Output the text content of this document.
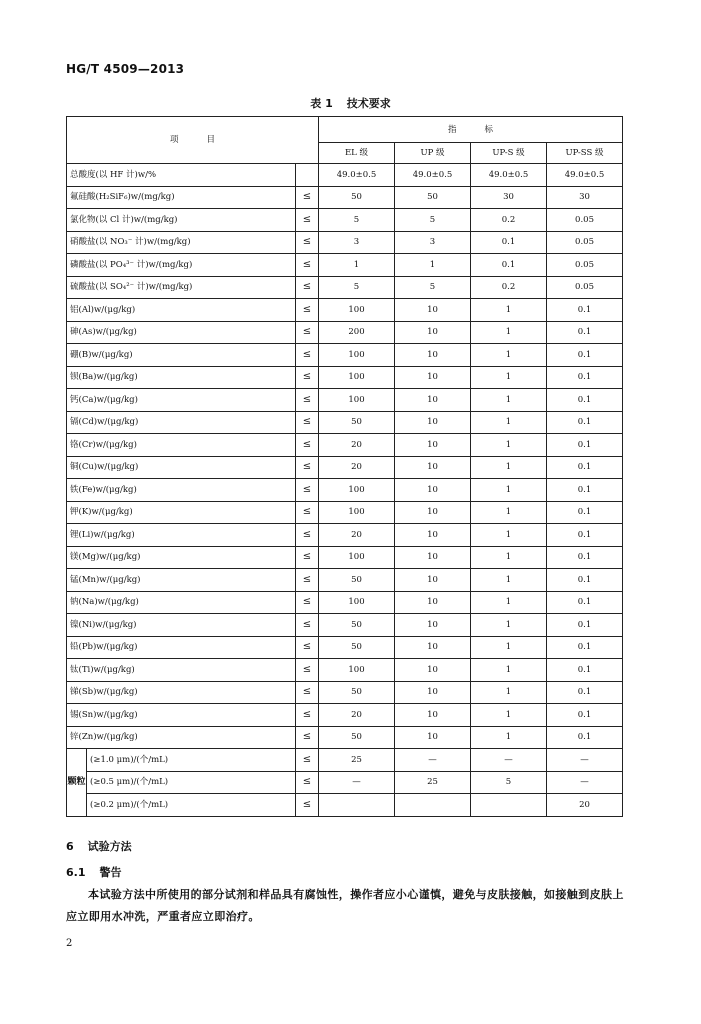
HG/T 4509—2013
表 1 技术要求
项 目			指 标			
			EL 级	UP 级	UP-S 级	UP-SS 级
总酸度(以 HF 计)w/%			49.0±0.5	49.0±0.5	49.0±0.5	49.0±0.5
氟硅酸(H₂SiF₆)w/(mg/kg)		≤	50	50	30	30
氯化物(以 Cl 计)w/(mg/kg)		≤	5	5	0.2	0.05
硝酸盐(以 NO₃⁻ 计)w/(mg/kg)		≤	3	3	0.1	0.05
磷酸盐(以 PO₄³⁻ 计)w/(mg/kg)		≤	1	1	0.1	0.05
硫酸盐(以 SO₄²⁻ 计)w/(mg/kg)		≤	5	5	0.2	0.05
铝(Al)w/(μg/kg)		≤	100	10	1	0.1
砷(As)w/(μg/kg)		≤	200	10	1	0.1
硼(B)w/(μg/kg)		≤	100	10	1	0.1
钡(Ba)w/(μg/kg)		≤	100	10	1	0.1
钙(Ca)w/(μg/kg)		≤	100	10	1	0.1
镉(Cd)w/(μg/kg)		≤	50	10	1	0.1
铬(Cr)w/(μg/kg)		≤	20	10	1	0.1
铜(Cu)w/(μg/kg)		≤	20	10	1	0.1
铁(Fe)w/(μg/kg)		≤	100	10	1	0.1
钾(K)w/(μg/kg)		≤	100	10	1	0.1
锂(Li)w/(μg/kg)		≤	20	10	1	0.1
镁(Mg)w/(μg/kg)		≤	100	10	1	0.1
锰(Mn)w/(μg/kg)		≤	50	10	1	0.1
钠(Na)w/(μg/kg)		≤	100	10	1	0.1
镍(Ni)w/(μg/kg)		≤	50	10	1	0.1
铅(Pb)w/(μg/kg)		≤	50	10	1	0.1
钛(Ti)w/(μg/kg)		≤	100	10	1	0.1
锑(Sb)w/(μg/kg)		≤	50	10	1	0.1
锡(Sn)w/(μg/kg)		≤	20	10	1	0.1
锌(Zn)w/(μg/kg)		≤	50	10	1	0.1
颗粒	(≥1.0 μm)/(个/mL)	≤	25	—	—	—
	(≥0.5 μm)/(个/mL)	≤	—	25	5	—
	(≥0.2 μm)/(个/mL)	≤				20
6 试验方法
6.1 警告
本试验方法中所使用的部分试剂和样品具有腐蚀性，操作者应小心谨慎，避免与皮肤接触，如接触到皮肤上应立即用水冲洗，严重者应立即治疗。
2
